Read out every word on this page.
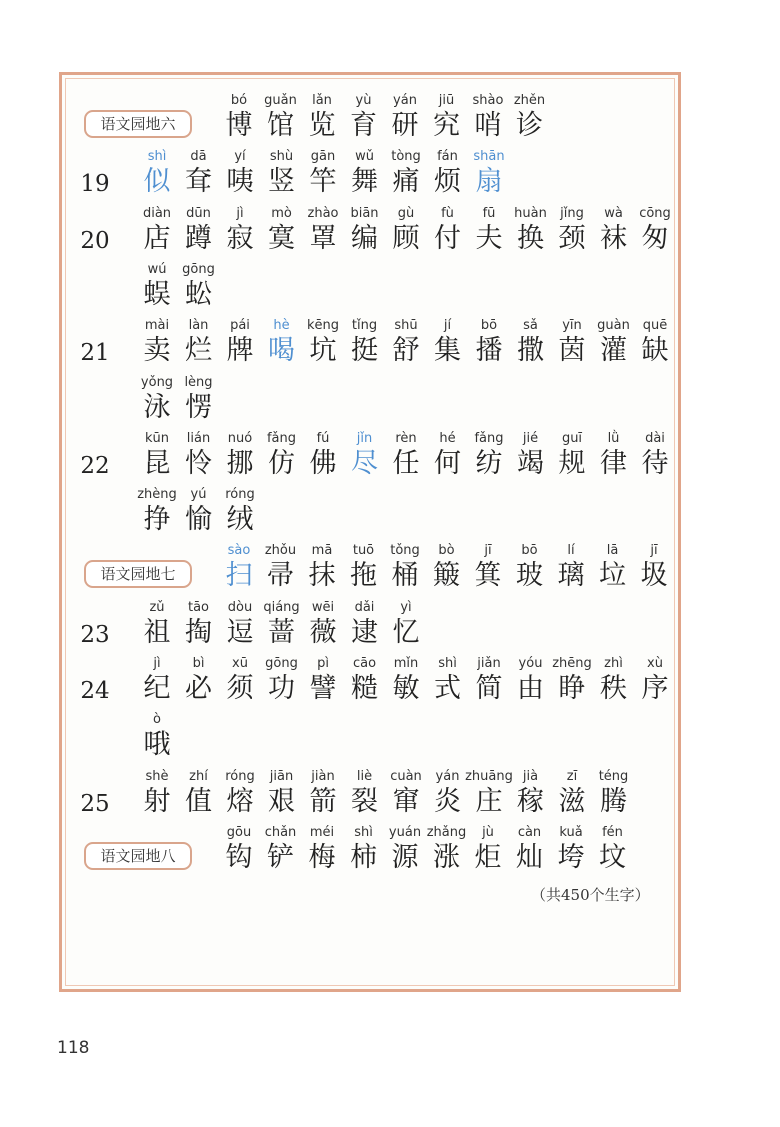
语文园地六
bó
博
guǎn
馆
lǎn
览
yù
育
yán
研
jiū
究
shào
哨
zhěn
诊
19
shì
似
dā
耷
yí
咦
shù
竖
gān
竿
wǔ
舞
tòng
痛
fán
烦
shān
扇
20
diàn
店
dūn
蹲
jì
寂
mò
寞
zhào
罩
biān
编
gù
顾
fù
付
fū
夫
huàn
换
jǐng
颈
wà
袜
cōng
匆
wú
蜈
gōng
蚣
21
mài
卖
làn
烂
pái
牌
hè
喝
kēng
坑
tǐng
挺
shū
舒
jí
集
bō
播
sǎ
撒
yīn
茵
guàn
灌
quē
缺
yǒng
泳
lèng
愣
22
kūn
昆
lián
怜
nuó
挪
fǎng
仿
fú
佛
jǐn
尽
rèn
任
hé
何
fǎng
纺
jié
竭
guī
规
lǜ
律
dài
待
zhèng
挣
yú
愉
róng
绒
语文园地七
sào
扫
zhǒu
帚
mā
抹
tuō
拖
tǒng
桶
bò
簸
jī
箕
bō
玻
lí
璃
lā
垃
jī
圾
23
zǔ
祖
tāo
掏
dòu
逗
qiáng
蔷
wēi
薇
dǎi
逮
yì
忆
24
jì
纪
bì
必
xū
须
gōng
功
pì
譬
cāo
糙
mǐn
敏
shì
式
jiǎn
简
yóu
由
zhēng
睁
zhì
秩
xù
序
ò
哦
25
shè
射
zhí
值
róng
熔
jiān
艰
jiàn
箭
liè
裂
cuàn
窜
yán
炎
zhuāng
庄
jià
稼
zī
滋
téng
腾
语文园地八
gōu
钩
chǎn
铲
méi
梅
shì
柿
yuán
源
zhǎng
涨
jù
炬
càn
灿
kuǎ
垮
fén
坟
（共450个生字）
118
